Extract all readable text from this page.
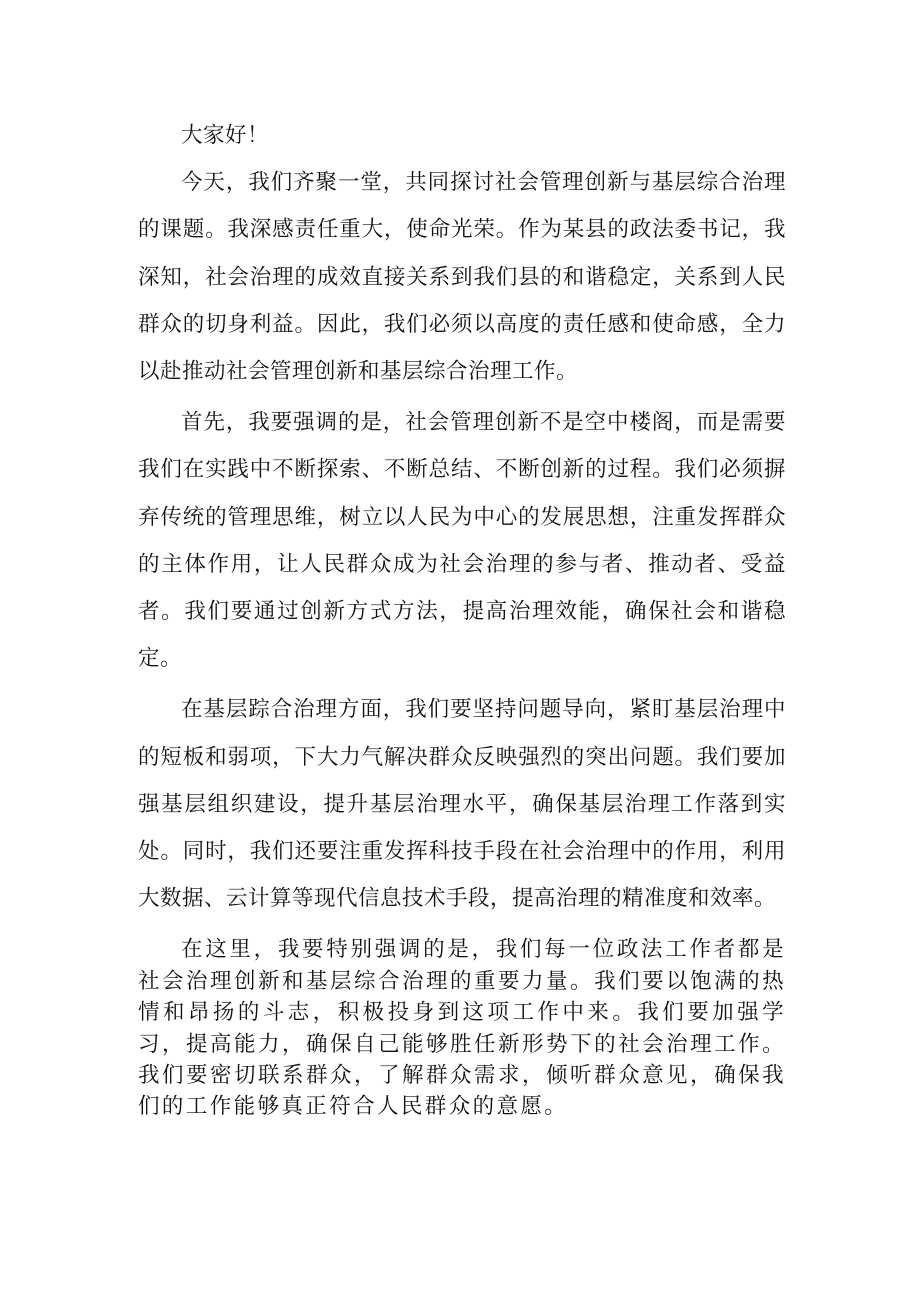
大家好！

今天，我们齐聚一堂，共同探讨社会管理创新与基层综合治理的课题。我深感责任重大，使命光荣。作为某县的政法委书记，我深知，社会治理的成效直接关系到我们县的和谐稳定，关系到人民群众的切身利益。因此，我们必须以高度的责任感和使命感，全力以赴推动社会管理创新和基层综合治理工作。

首先，我要强调的是，社会管理创新不是空中楼阁，而是需要我们在实践中不断探索、不断总结、不断创新的过程。我们必须摒弃传统的管理思维，树立以人民为中心的发展思想，注重发挥群众的主体作用，让人民群众成为社会治理的参与者、推动者、受益者。我们要通过创新方式方法，提高治理效能，确保社会和谐稳定。

在基层踪合治理方面，我们要坚持问题导向，紧盯基层治理中的短板和弱项，下大力气解决群众反映强烈的突出问题。我们要加强基层组织建设，提升基层治理水平，确保基层治理工作落到实处。同时，我们还要注重发挥科技手段在社会治理中的作用，利用大数据、云计算等现代信息技术手段，提高治理的精准度和效率。

在这里，我要特别强调的是，我们每一位政法工作者都是社会治理创新和基层综合治理的重要力量。我们要以饱满的热情和昂扬的斗志，积极投身到这项工作中来。我们要加强学习，提高能力，确保自己能够胜任新形势下的社会治理工作。我们要密切联系群众，了解群众需求，倾听群众意见，确保我们的工作能够真正符合人民群众的意愿。
